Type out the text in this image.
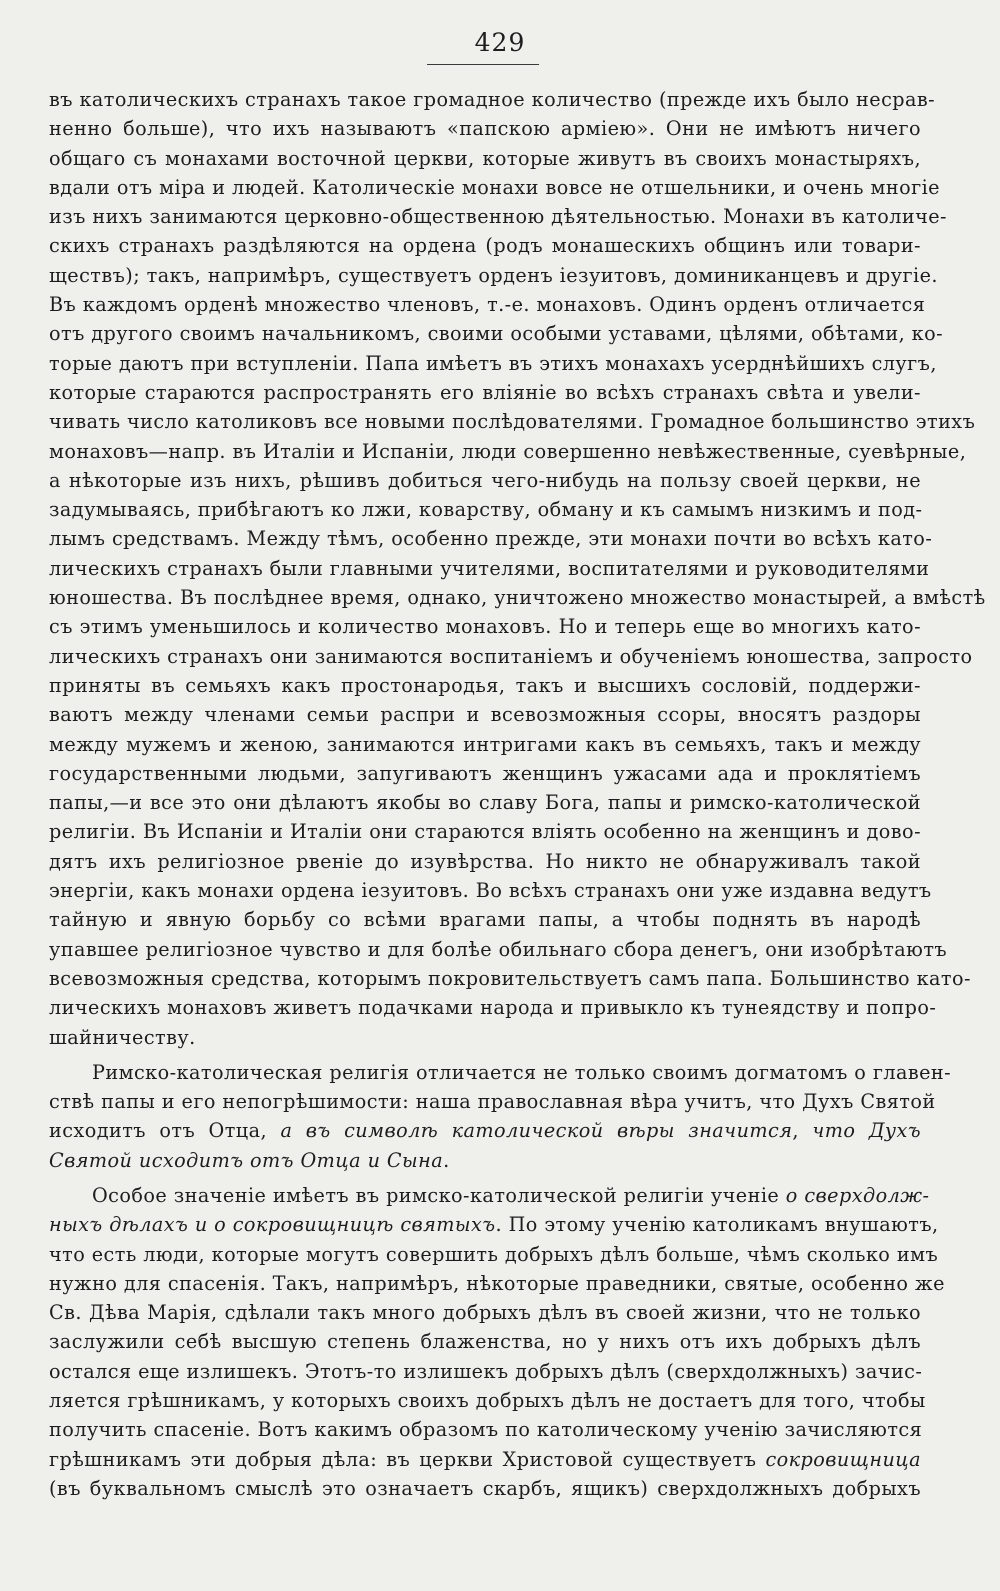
429
въ католическихъ странахъ такое громадное количество (прежде ихъ было несрав-
ненно больше), что ихъ называютъ «папскою арміею». Они не имѣютъ ничего
общаго съ монахами восточной церкви, которые живутъ въ своихъ монастыряхъ,
вдали отъ міра и людей. Католическіе монахи вовсе не отшельники, и очень многіе
изъ нихъ занимаются церковно-общественною дѣятельностью. Монахи въ католиче-
скихъ странахъ раздѣляются на ордена (родъ монашескихъ общинъ или товари-
ществъ); такъ, напримѣръ, существуетъ орденъ іезуитовъ, доминиканцевъ и другіе.
Въ каждомъ орденѣ множество членовъ, т.-е. монаховъ. Одинъ орденъ отличается
отъ другого своимъ начальникомъ, своими особыми уставами, цѣлями, обѣтами, ко-
торые даютъ при вступленіи. Папа имѣетъ въ этихъ монахахъ усерднѣйшихъ слугъ,
которые стараются распространять его вліяніе во всѣхъ странахъ свѣта и увели-
чивать число католиковъ все новыми послѣдователями. Громадное большинство этихъ
монаховъ—напр. въ Италіи и Испаніи, люди совершенно невѣжественные, суевѣрные,
а нѣкоторые изъ нихъ, рѣшивъ добиться чего-нибудь на пользу своей церкви, не
задумываясь, прибѣгаютъ ко лжи, коварству, обману и къ самымъ низкимъ и под-
лымъ средствамъ. Между тѣмъ, особенно прежде, эти монахи почти во всѣхъ като-
лическихъ странахъ были главными учителями, воспитателями и руководителями
юношества. Въ послѣднее время, однако, уничтожено множество монастырей, а вмѣстѣ
съ этимъ уменьшилось и количество монаховъ. Но и теперь еще во многихъ като-
лическихъ странахъ они занимаются воспитаніемъ и обученіемъ юношества, запросто
приняты въ семьяхъ какъ простонародья, такъ и высшихъ сословій, поддержи-
ваютъ между членами семьи распри и всевозможныя ссоры, вносятъ раздоры
между мужемъ и женою, занимаются интригами какъ въ семьяхъ, такъ и между
государственными людьми, запугиваютъ женщинъ ужасами ада и проклятіемъ
папы,—и все это они дѣлаютъ якобы во славу Бога, папы и римско-католической
религіи. Въ Испаніи и Италіи они стараются влiять особенно на женщинъ и дово-
дятъ ихъ религіозное рвеніе до изувѣрства. Но никто не обнаруживалъ такой
энергіи, какъ монахи ордена іезуитовъ. Во всѣхъ странахъ они уже издавна ведутъ
тайную и явную борьбу со всѣми врагами папы, а чтобы поднять въ народѣ
упавшее религіозное чувство и для болѣе обильнаго сбора денегъ, они изобрѣтаютъ
всевозможныя средства, которымъ покровительствуетъ самъ папа. Большинство като-
лическихъ монаховъ живетъ подачками народа и привыкло къ тунеядству и попро-
шайничеству.
Римско-католическая религія отличается не только своимъ догматомъ о главен-
ствѣ папы и его непогрѣшимости: наша православная вѣра учитъ, что Духъ Святой
исходитъ отъ Отца, а въ символѣ католической вѣры значится, что Духъ
Святой исходитъ отъ Отца и Сына.
Особое значеніе имѣетъ въ римско-католической религіи ученіе о сверхдолж-
ныхъ дѣлахъ и о сокровищницѣ святыхъ. По этому ученію католикамъ внушаютъ,
что есть люди, которые могутъ совершить добрыхъ дѣлъ больше, чѣмъ сколько имъ
нужно для спасенія. Такъ, напримѣръ, нѣкоторые праведники, святые, особенно же
Св. Дѣва Марія, сдѣлали такъ много добрыхъ дѣлъ въ своей жизни, что не только
заслужили себѣ высшую степень блаженства, но у нихъ отъ ихъ добрыхъ дѣлъ
остался еще излишекъ. Этотъ-то излишекъ добрыхъ дѣлъ (сверхдолжныхъ) зачис-
ляется грѣшникамъ, у которыхъ своихъ добрыхъ дѣлъ не достаетъ для того, чтобы
получить спасеніе. Вотъ какимъ образомъ по католическому ученію зачисляются
грѣшникамъ эти добрыя дѣла: въ церкви Христовой существуетъ сокровищница
(въ буквальномъ смыслѣ это означаетъ скарбъ, ящикъ) сверхдолжныхъ добрыхъ
